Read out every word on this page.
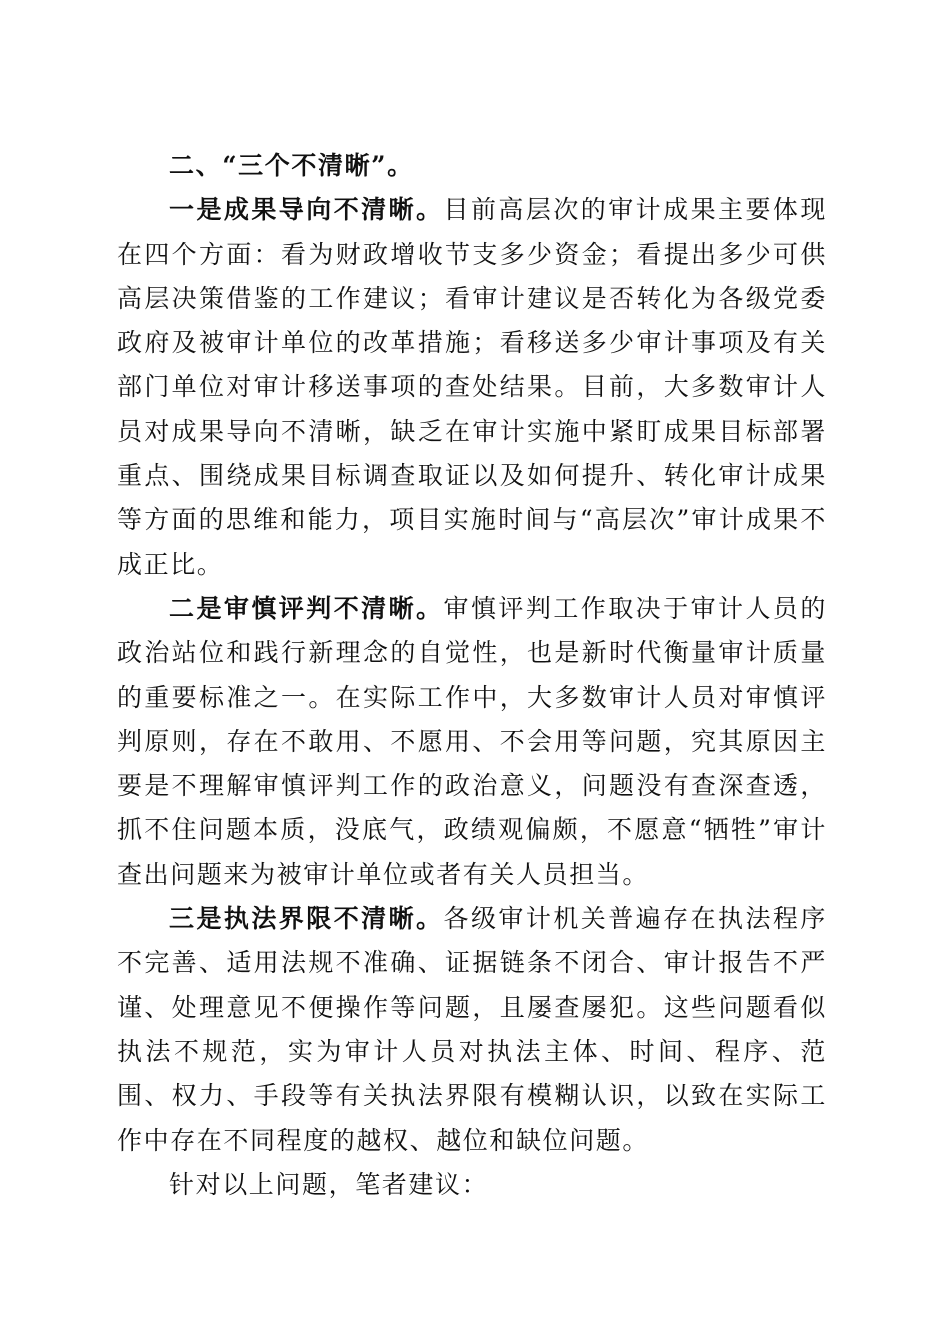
二、“三个不清晰”。

一是成果导向不清晰。目前高层次的审计成果主要体现在四个方面：看为财政增收节支多少资金；看提出多少可供高层决策借鉴的工作建议；看审计建议是否转化为各级党委政府及被审计单位的改革措施；看移送多少审计事项及有关部门单位对审计移送事项的查处结果。目前，大多数审计人员对成果导向不清晰，缺乏在审计实施中紧盯成果目标部署重点、围绕成果目标调查取证以及如何提升、转化审计成果等方面的思维和能力，项目实施时间与“高层次”审计成果不成正比。

二是审慎评判不清晰。审慎评判工作取决于审计人员的政治站位和践行新理念的自觉性，也是新时代衡量审计质量的重要标准之一。在实际工作中，大多数审计人员对审慎评判原则，存在不敢用、不愿用、不会用等问题，究其原因主要是不理解审慎评判工作的政治意义，问题没有查深查透，抓不住问题本质，没底气，政绩观偏颇，不愿意“牺牲”审计查出问题来为被审计单位或者有关人员担当。

三是执法界限不清晰。各级审计机关普遍存在执法程序不完善、适用法规不准确、证据链条不闭合、审计报告不严谨、处理意见不便操作等问题，且屡查屡犯。这些问题看似执法不规范，实为审计人员对执法主体、时间、程序、范围、权力、手段等有关执法界限有模糊认识，以致在实际工作中存在不同程度的越权、越位和缺位问题。

针对以上问题，笔者建议：
